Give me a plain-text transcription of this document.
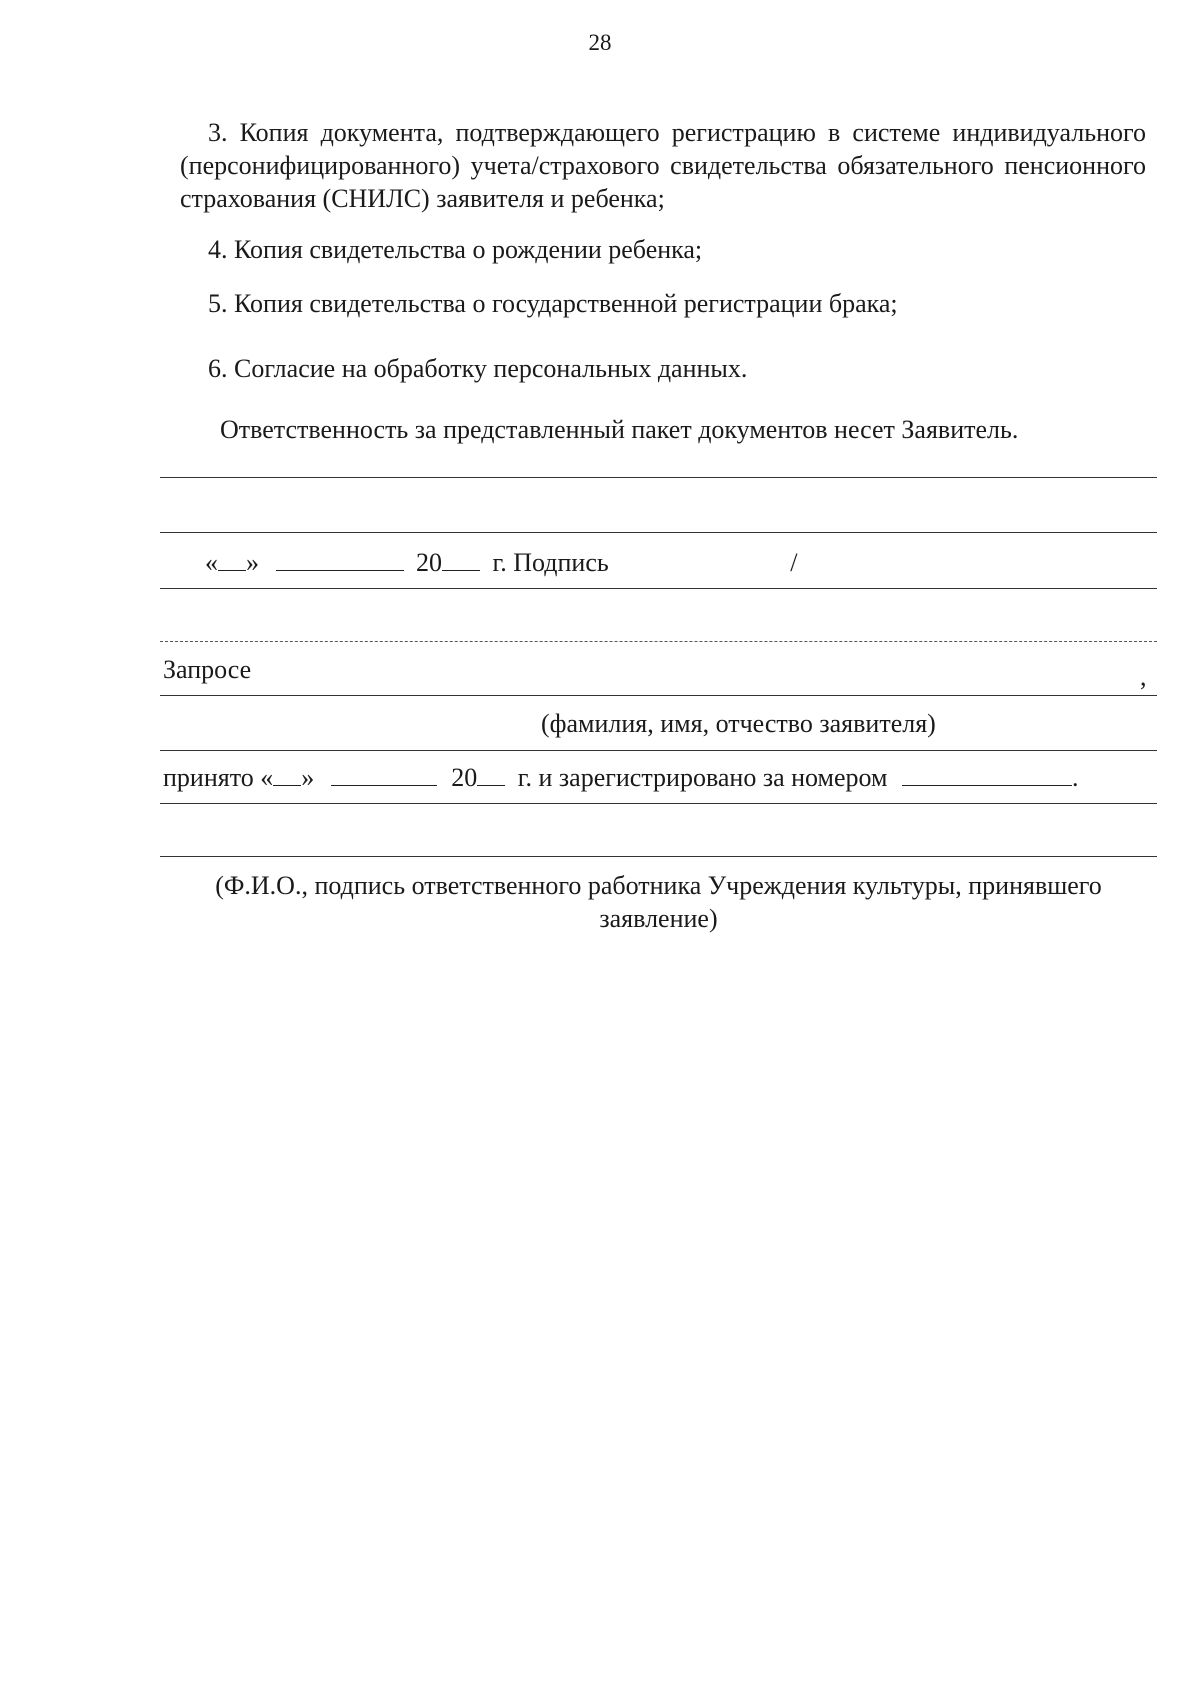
28
3. Копия документа, подтверждающего регистрацию в системе индивидуального (персонифицированного) учета/страхового свидетельства обязательного пенсионного страхования (СНИЛС) заявителя и ребенка;
4. Копия свидетельства о рождении ребенка;
5. Копия свидетельства о государственной регистрации брака;
6. Согласие на обработку персональных данных.
Ответственность за представленный пакет документов несет Заявитель.
« »	20 г. Подпись	/
Запросе	,
(фамилия, имя, отчество заявителя)
принято « »	20 г. и зарегистрировано за номером	.
(Ф.И.О., подпись ответственного работника Учреждения культуры, принявшего заявление)
